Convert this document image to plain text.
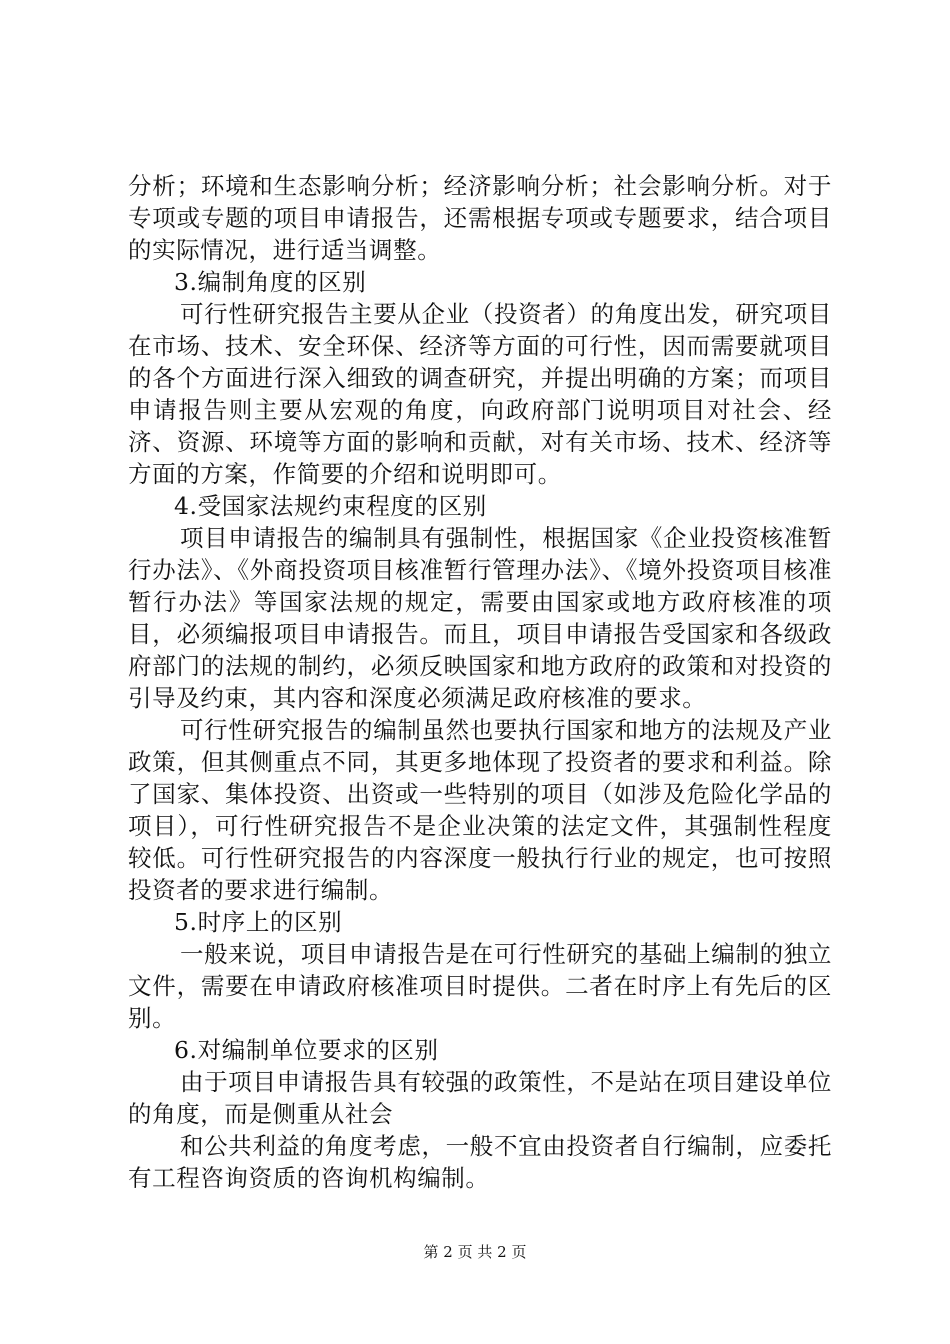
分析；环境和生态影响分析；经济影响分析；社会影响分析。对于专项或专题的项目申请报告，还需根据专项或专题要求，结合项目的实际情况，进行适当调整。

3.编制角度的区别

可行性研究报告主要从企业（投资者）的角度出发，研究项目在市场、技术、安全环保、经济等方面的可行性，因而需要就项目的各个方面进行深入细致的调查研究，并提出明确的方案；而项目申请报告则主要从宏观的角度，向政府部门说明项目对社会、经济、资源、环境等方面的影响和贡献，对有关市场、技术、经济等方面的方案，作简要的介绍和说明即可。

4.受国家法规约束程度的区别

项目申请报告的编制具有强制性，根据国家《企业投资核准暂行办法》、《外商投资项目核准暂行管理办法》、《境外投资项目核准暂行办法》等国家法规的规定，需要由国家或地方政府核准的项目，必须编报项目申请报告。而且，项目申请报告受国家和各级政府部门的法规的制约，必须反映国家和地方政府的政策和对投资的引导及约束，其内容和深度必须满足政府核准的要求。

可行性研究报告的编制虽然也要执行国家和地方的法规及产业政策，但其侧重点不同，其更多地体现了投资者的要求和利益。除了国家、集体投资、出资或一些特别的项目（如涉及危险化学品的项目），可行性研究报告不是企业决策的法定文件，其强制性程度较低。可行性研究报告的内容深度一般执行行业的规定，也可按照投资者的要求进行编制。

5.时序上的区别

一般来说，项目申请报告是在可行性研究的基础上编制的独立文件，需要在申请政府核准项目时提供。二者在时序上有先后的区别。

6.对编制单位要求的区别

由于项目申请报告具有较强的政策性，不是站在项目建设单位的角度，而是侧重从社会

和公共利益的角度考虑，一般不宜由投资者自行编制，应委托有工程咨询资质的咨询机构编制。

第 2 页 共 2 页
